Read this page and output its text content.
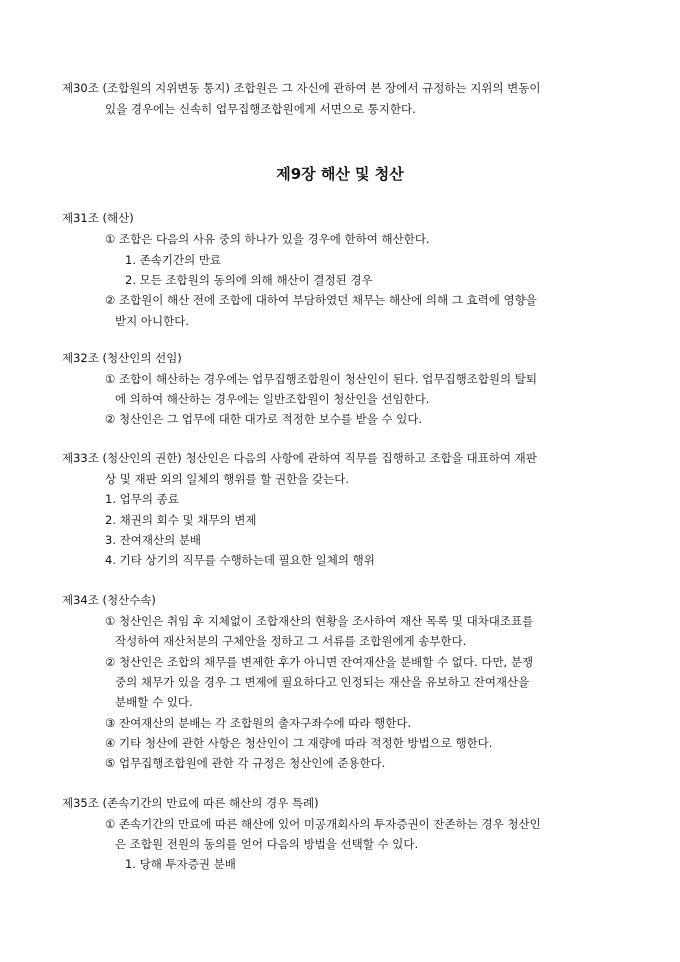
제30조 (조합원의 지위변동 통지) 조합원은 그 자신에 관하여 본 장에서 규정하는 지위의 변동이
있을 경우에는 신속히 업무집행조합원에게 서면으로 통지한다.
제9장 해산 및 청산
제31조 (해산)
① 조합은 다음의 사유 중의 하나가 있을 경우에 한하여 해산한다.
1. 존속기간의 만료
2. 모든 조합원의 동의에 의해 해산이 결정된 경우
② 조합원이 해산 전에 조합에 대하여 부담하였던 채무는 해산에 의해 그 효력에 영향을
받지 아니한다.
제32조 (청산인의 선임)
① 조합이 해산하는 경우에는 업무집행조합원이 청산인이 된다. 업무집행조합원의 탈퇴
에 의하여 해산하는 경우에는 일반조합원이 청산인을 선임한다.
② 청산인은 그 업무에 대한 대가로 적정한 보수를 받을 수 있다.
제33조 (청산인의 권한) 청산인은 다음의 사항에 관하여 직무를 집행하고 조합을 대표하여 재판
상 및 재판 외의 일체의 행위를 할 권한을 갖는다.
1. 업무의 종료
2. 채권의 회수 및 채무의 변제
3. 잔여재산의 분배
4. 기타 상기의 직무를 수행하는데 필요한 일체의 행위
제34조 (청산수속)
① 청산인은 취임 후 지체없이 조합재산의 현황을 조사하여 재산 목록 및 대차대조표를
작성하여 재산처분의 구체안을 정하고 그 서류를 조합원에게 송부한다.
② 청산인은 조합의 채무를 변제한 후가 아니면 잔여재산을 분배할 수 없다. 다만, 분쟁
중의 채무가 있을 경우 그 변제에 필요하다고 인정되는 재산을 유보하고 잔여재산을
분배할 수 있다.
③ 잔여재산의 분배는 각 조합원의 출자구좌수에 따라 행한다.
④ 기타 청산에 관한 사항은 청산인이 그 재량에 따라 적정한 방법으로 행한다.
⑤ 업무집행조합원에 관한 각 규정은 청산인에 준용한다.
제35조 (존속기간의 만료에 따른 해산의 경우 특례)
① 존속기간의 만료에 따른 해산에 있어 미공개회사의 투자증권이 잔존하는 경우 청산인
은 조합원 전원의 동의를 얻어 다음의 방법을 선택할 수 있다.
1. 당해 투자증권 분배
